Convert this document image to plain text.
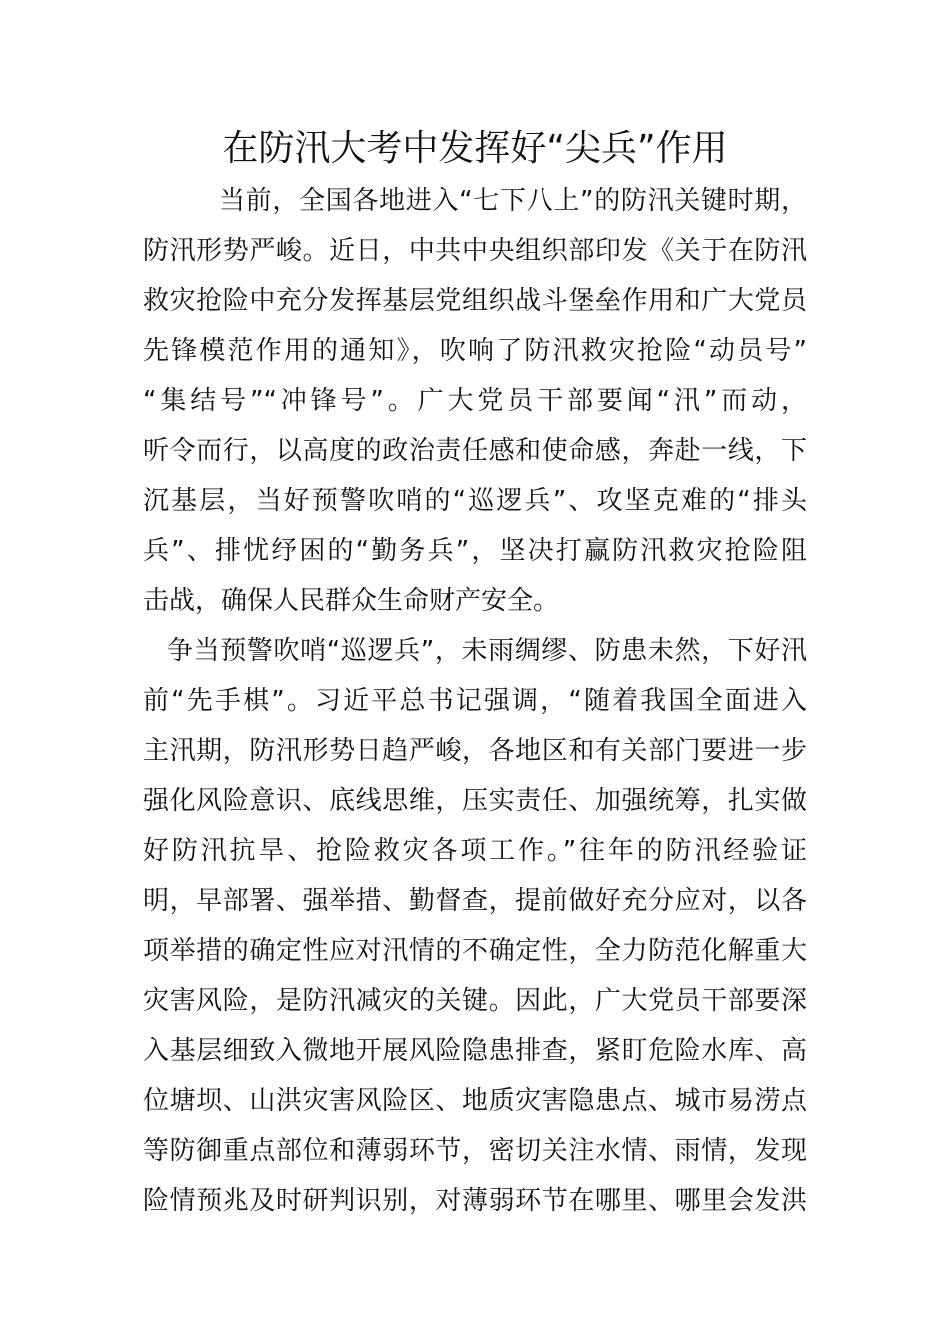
在防汛大考中发挥好“尖兵”作用
当前，全国各地进入“七下八上”的防汛关键时期，
防汛形势严峻。近日，中共中央组织部印发《关于在防汛
救灾抢险中充分发挥基层党组织战斗堡垒作用和广大党员
先锋模范作用的通知》，吹响了防汛救灾抢险“动员号”
“集结号”“冲锋号”。广大党员干部要闻“汛”而动，
听令而行，以高度的政治责任感和使命感，奔赴一线，下
沉基层，当好预警吹哨的“巡逻兵”、攻坚克难的“排头
兵”、排忧纾困的“勤务兵”，坚决打赢防汛救灾抢险阻
击战，确保人民群众生命财产安全。
争当预警吹哨“巡逻兵”，未雨绸缪、防患未然，下好汛
前“先手棋”。习近平总书记强调，“随着我国全面进入
主汛期，防汛形势日趋严峻，各地区和有关部门要进一步
强化风险意识、底线思维，压实责任、加强统筹，扎实做
好防汛抗旱、抢险救灾各项工作。”往年的防汛经验证
明，早部署、强举措、勤督查，提前做好充分应对，以各
项举措的确定性应对汛情的不确定性，全力防范化解重大
灾害风险，是防汛减灾的关键。因此，广大党员干部要深
入基层细致入微地开展风险隐患排查，紧盯危险水库、高
位塘坝、山洪灾害风险区、地质灾害隐患点、城市易涝点
等防御重点部位和薄弱环节，密切关注水情、雨情，发现
险情预兆及时研判识别，对薄弱环节在哪里、哪里会发洪
